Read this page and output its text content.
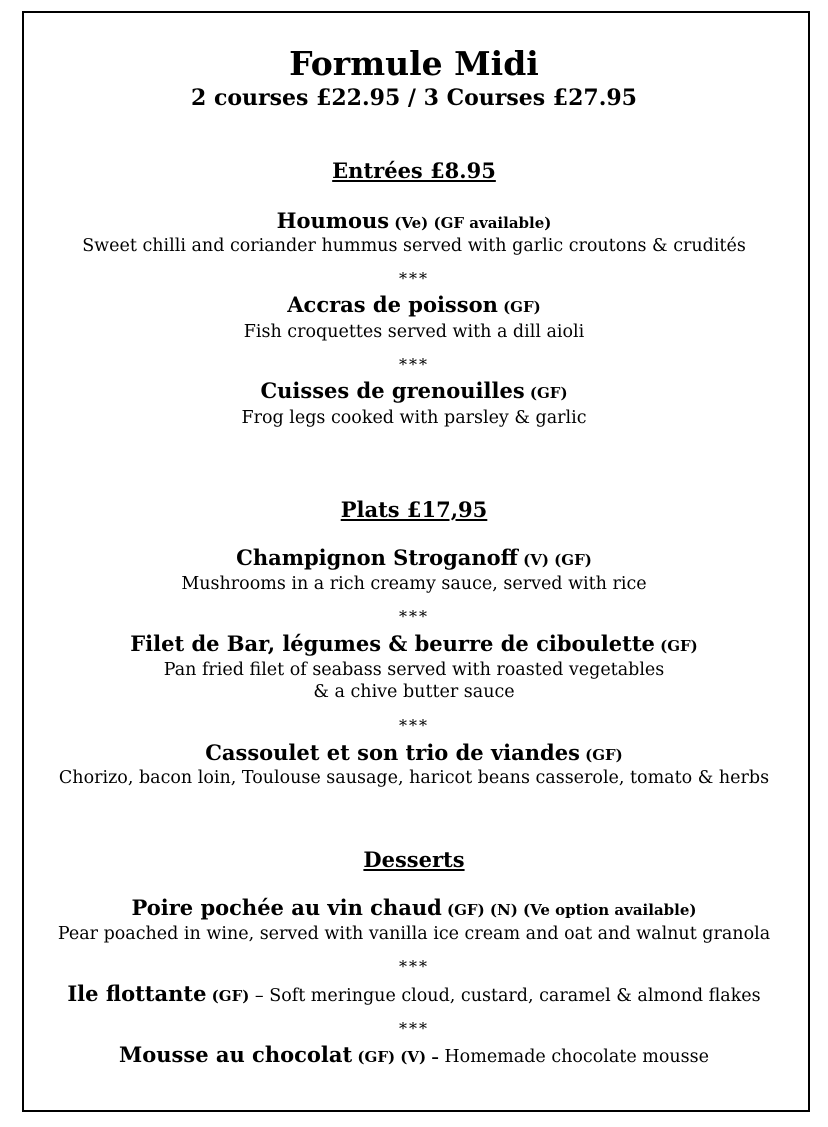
Formule Midi
2 courses £22.95 / 3 Courses £27.95
Entrées £8.95
Houmous (Ve) (GF available)
Sweet chilli and coriander hummus served with garlic croutons & crudités
***
Accras de poisson (GF)
Fish croquettes served with a dill aioli
***
Cuisses de grenouilles (GF)
Frog legs cooked with parsley & garlic
Plats £17,95
Champignon Stroganoff (V) (GF)
Mushrooms in a rich creamy sauce, served with rice
***
Filet de Bar, légumes & beurre de ciboulette (GF)
Pan fried filet of seabass served with roasted vegetables
& a chive butter sauce
***
Cassoulet et son trio de viandes (GF)
Chorizo, bacon loin, Toulouse sausage, haricot beans casserole, tomato & herbs
Desserts
Poire pochée au vin chaud (GF) (N) (Ve option available)
Pear poached in wine, served with vanilla ice cream and oat and walnut granola
***
Ile flottante (GF) – Soft meringue cloud, custard, caramel & almond flakes
***
Mousse au chocolat (GF) (V) – Homemade chocolate mousse
